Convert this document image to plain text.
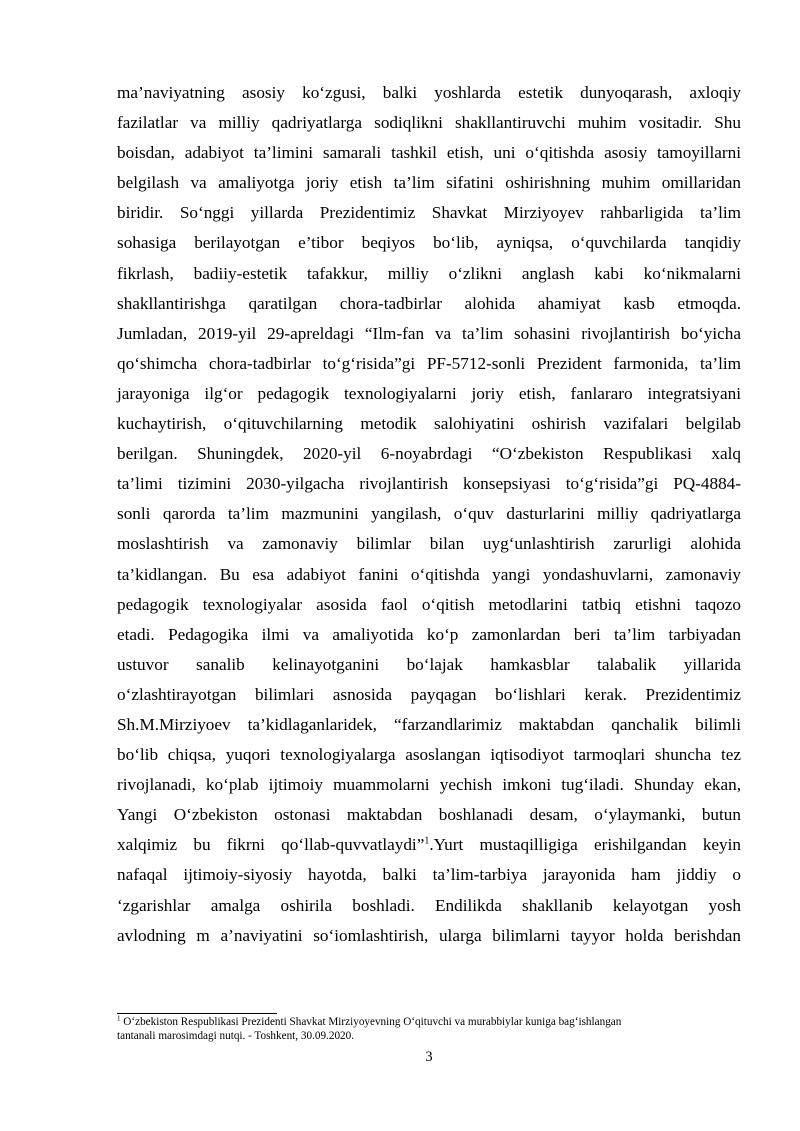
ma’naviyatning asosiy ko‘zgusi, balki yoshlarda estetik dunyoqarash, axloqiy
fazilatlar va milliy qadriyatlarga sodiqlikni shakllantiruvchi muhim vositadir. Shu
boisdan, adabiyot ta’limini samarali tashkil etish, uni o‘qitishda asosiy tamoyillarni
belgilash va amaliyotga joriy etish ta’lim sifatini oshirishning muhim omillaridan
biridir. So‘nggi yillarda Prezidentimiz Shavkat Mirziyoyev rahbarligida ta’lim
sohasiga berilayotgan e’tibor beqiyos bo‘lib, ayniqsa, o‘quvchilarda tanqidiy
fikrlash, badiiy-estetik tafakkur, milliy o‘zlikni anglash kabi ko‘nikmalarni
shakllantirishga qaratilgan chora-tadbirlar alohida ahamiyat kasb etmoqda.
Jumladan, 2019-yil 29-apreldagi “Ilm-fan va ta’lim sohasini rivojlantirish bo‘yicha
qo‘shimcha chora-tadbirlar to‘g‘risida”gi PF-5712-sonli Prezident farmonida, ta’lim
jarayoniga ilg‘or pedagogik texnologiyalarni joriy etish, fanlararo integratsiyani
kuchaytirish, o‘qituvchilarning metodik salohiyatini oshirish vazifalari belgilab
berilgan. Shuningdek, 2020-yil 6-noyabrdagi “O‘zbekiston Respublikasi xalq
ta’limi tizimini 2030-yilgacha rivojlantirish konsepsiyasi to‘g‘risida”gi PQ-4884-
sonli qarorda ta’lim mazmunini yangilash, o‘quv dasturlarini milliy qadriyatlarga
moslashtirish va zamonaviy bilimlar bilan uyg‘unlashtirish zarurligi alohida
ta’kidlangan. Bu esa adabiyot fanini o‘qitishda yangi yondashuvlarni, zamonaviy
pedagogik texnologiyalar asosida faol o‘qitish metodlarini tatbiq etishni taqozo
etadi. Pedagogika ilmi va amaliyotida ko‘p zamonlardan beri ta’lim tarbiyadan
ustuvor sanalib kelinayotganini bo‘lajak hamkasblar talabalik yillarida
o‘zlashtirayotgan bilimlari asnosida payqagan bo‘lishlari kerak. Prezidentimiz
Sh.M.Mirziyoev ta’kidlaganlaridek, “farzandlarimiz maktabdan qanchalik bilimli
bo‘lib chiqsa, yuqori texnologiyalarga asoslangan iqtisodiyot tarmoqlari shuncha tez
rivojlanadi, ko‘plab ijtimoiy muammolarni yechish imkoni tug‘iladi. Shunday ekan,
Yangi O‘zbekiston ostonasi maktabdan boshlanadi desam, o‘ylaymanki, butun
xalqimiz bu fikrni qo‘llab-quvvatlaydi”$^1$.Yurt mustaqilligiga erishilgandan keyin
nafaqal ijtimoiy-siyosiy hayotda, balki ta’lim-tarbiya jarayonida ham jiddiy o
‘zgarishlar amalga oshirila boshladi. Endilikda shakllanib kelayotgan yosh
avlodning m a’naviyatini so‘iomlashtirish, ularga bilimlarni tayyor holda berishdan

$^1$ O‘zbekiston Respublikasi Prezidenti Shavkat Mirziyoyevning O‘qituvchi va murabbiylar kuniga bag‘ishlangan
tantanali marosimdagi nutqi. - Toshkent, 30.09.2020.

3
